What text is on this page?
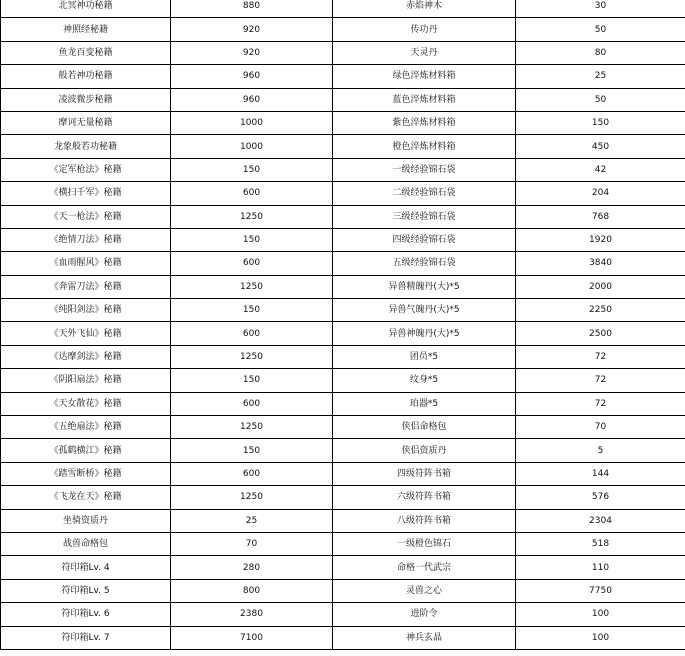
北冥神功秘籍	880	赤焰神木	30
神照经秘籍	920	传功丹	50
鱼龙百变秘籍	920	天灵丹	80
般若神功秘籍	960	绿色淬炼材料箱	25
凌波微步秘籍	960	蓝色淬炼材料箱	50
摩诃无量秘籍	1000	紫色淬炼材料箱	150
龙象般若功秘籍	1000	橙色淬炼材料箱	450
《定军枪法》秘籍	150	一级经验锦石袋	42
《横扫千军》秘籍	600	二级经验锦石袋	204
《天一枪法》秘籍	1250	三级经验锦石袋	768
《绝情刀法》秘籍	150	四级经验锦石袋	1920
《血雨腥风》秘籍	600	五级经验锦石袋	3840
《奔雷刀法》秘籍	1250	异兽精魄丹(大)*5	2000
《纯阳剑法》秘籍	150	异兽气魄丹(大)*5	2250
《天外飞仙》秘籍	600	异兽神魄丹(大)*5	2500
《达摩剑法》秘籍	1250	团员*5	72
《阴阳扇法》秘籍	150	纹身*5	72
《天女散花》秘籍	600	珀器*5	72
《五绝扇法》秘籍	1250	侠侣命格包	70
《孤鹤横江》秘籍	150	侠侣资质丹	5
《踏雪断桥》秘籍	600	四级符阵书箱	144
《飞龙在天》秘籍	1250	六级符阵书箱	576
坐骑资质丹	25	八级符阵书箱	2304
战兽命格包	70	一级橙色锦石	518
符印箱Lv. 4	280	命格一代武宗	110
符印箱Lv. 5	800	灵兽之心	7750
符印箱Lv. 6	2380	进阶令	100
符印箱Lv. 7	7100	神兵玄晶	100
